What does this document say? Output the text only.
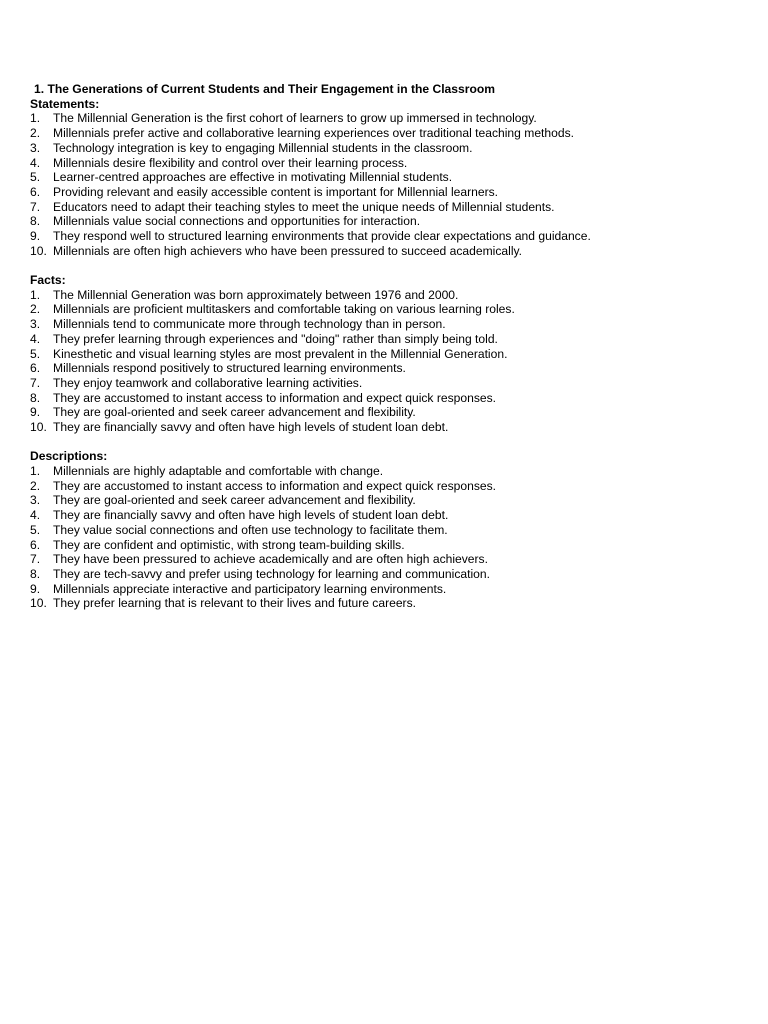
1. The Generations of Current Students and Their Engagement in the Classroom
Statements:
1.	The Millennial Generation is the first cohort of learners to grow up immersed in technology.
2.	Millennials prefer active and collaborative learning experiences over traditional teaching methods.
3.	Technology integration is key to engaging Millennial students in the classroom.
4.	Millennials desire flexibility and control over their learning process.
5.	Learner-centred approaches are effective in motivating Millennial students.
6.	Providing relevant and easily accessible content is important for Millennial learners.
7.	Educators need to adapt their teaching styles to meet the unique needs of Millennial students.
8.	Millennials value social connections and opportunities for interaction.
9.	They respond well to structured learning environments that provide clear expectations and guidance.
10. Millennials are often high achievers who have been pressured to succeed academically.
Facts:
1.	The Millennial Generation was born approximately between 1976 and 2000.
2.	Millennials are proficient multitaskers and comfortable taking on various learning roles.
3.	Millennials tend to communicate more through technology than in person.
4.	They prefer learning through experiences and "doing" rather than simply being told.
5.	Kinesthetic and visual learning styles are most prevalent in the Millennial Generation.
6.	Millennials respond positively to structured learning environments.
7.	They enjoy teamwork and collaborative learning activities.
8.	They are accustomed to instant access to information and expect quick responses.
9.	They are goal-oriented and seek career advancement and flexibility.
10. They are financially savvy and often have high levels of student loan debt.
Descriptions:
1.	Millennials are highly adaptable and comfortable with change.
2.	They are accustomed to instant access to information and expect quick responses.
3.	They are goal-oriented and seek career advancement and flexibility.
4.	They are financially savvy and often have high levels of student loan debt.
5.	They value social connections and often use technology to facilitate them.
6.	They are confident and optimistic, with strong team-building skills.
7.	They have been pressured to achieve academically and are often high achievers.
8.	They are tech-savvy and prefer using technology for learning and communication.
9.	Millennials appreciate interactive and participatory learning environments.
10. They prefer learning that is relevant to their lives and future careers.
